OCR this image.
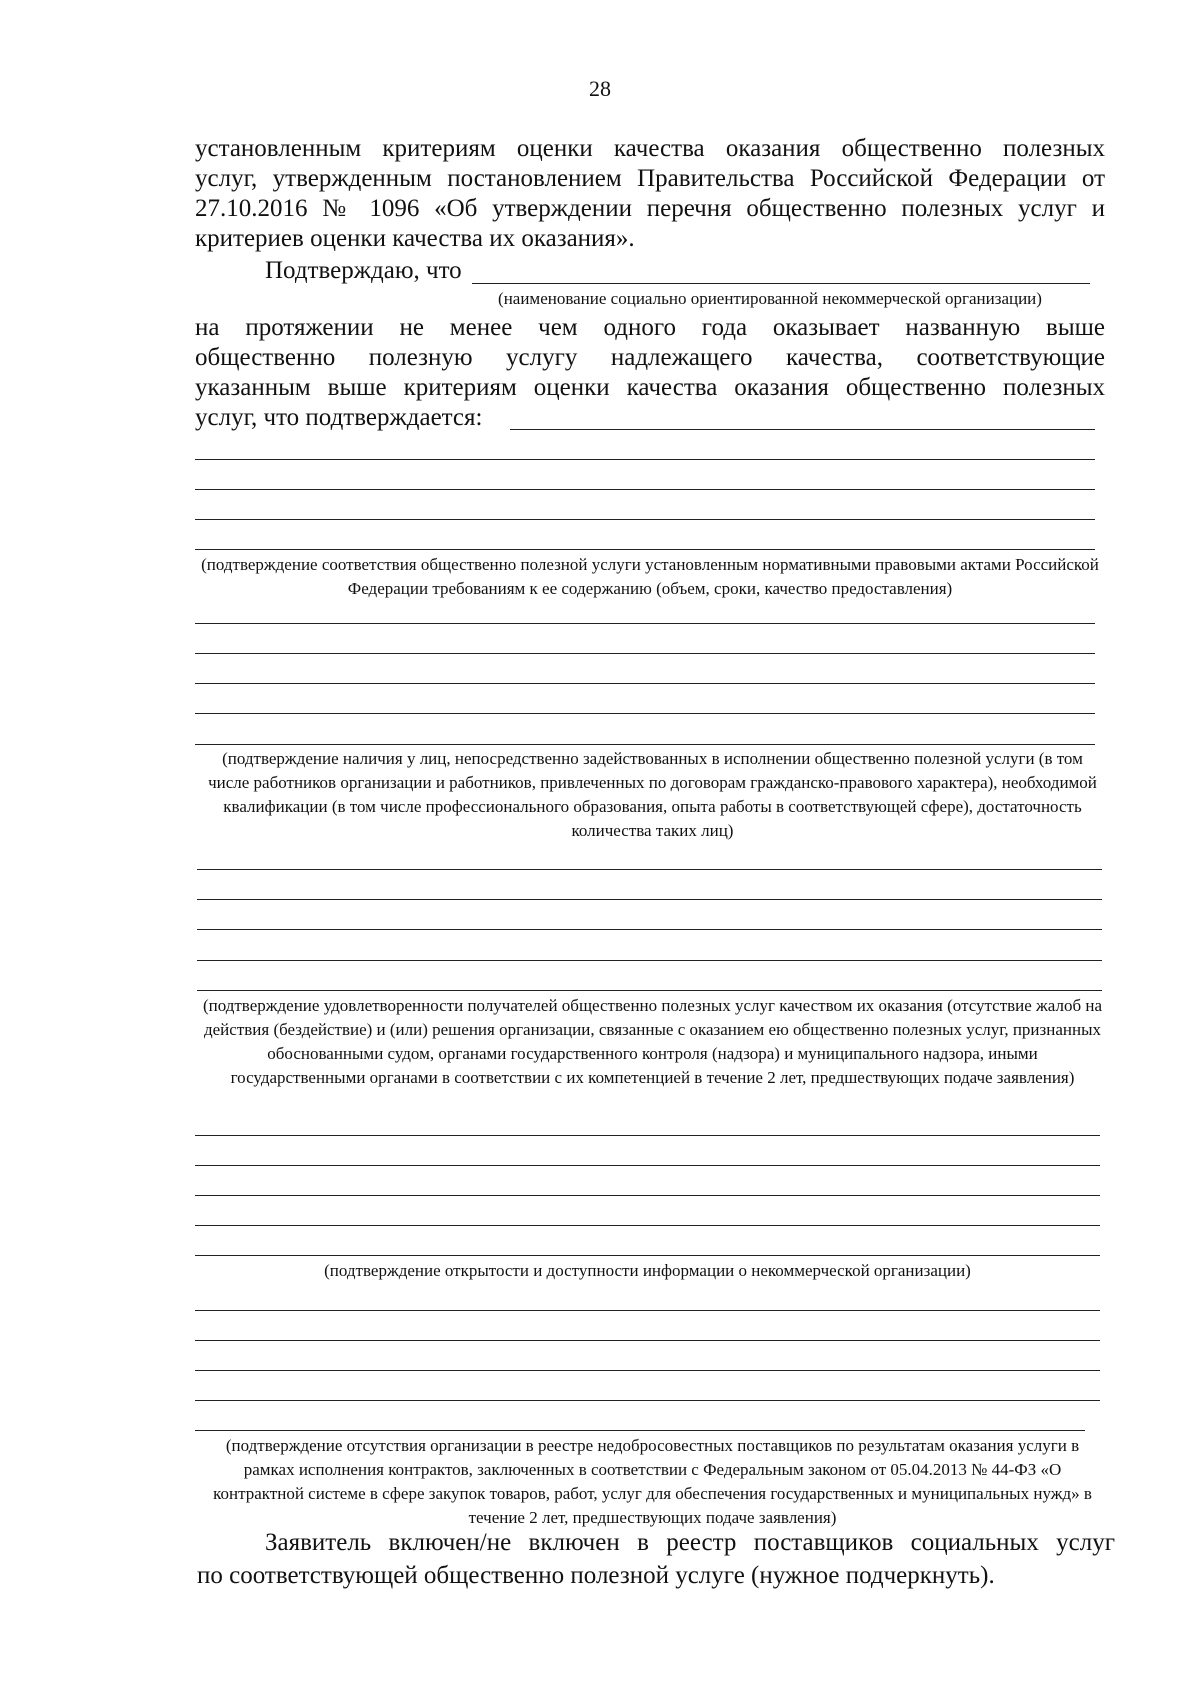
28
установленным критериям оценки качества оказания общественно полезных
услуг, утвержденным постановлением Правительства Российской Федерации от
27.10.2016 № 1096 «Об утверждении перечня общественно полезных услуг и
критериев оценки качества их оказания».
Подтверждаю, что
(наименование социально ориентированной некоммерческой организации)
на протяжении не менее чем одного года оказывает названную выше
общественно полезную услугу надлежащего качества, соответствующие
указанным выше критериям оценки качества оказания общественно полезных
услуг, что подтверждается:
(подтверждение соответствия общественно полезной услуги установленным нормативными правовыми актами Российской Федерации требованиям к ее содержанию (объем, сроки, качество предоставления)
(подтверждение наличия у лиц, непосредственно задействованных в исполнении общественно полезной услуги (в том числе работников организации и работников, привлеченных по договорам гражданско-правового характера), необходимой квалификации (в том числе профессионального образования, опыта работы в соответствующей сфере), достаточность количества таких лиц)
(подтверждение удовлетворенности получателей общественно полезных услуг качеством их оказания (отсутствие жалоб на действия (бездействие) и (или) решения организации, связанные с оказанием ею общественно полезных услуг, признанных обоснованными судом, органами государственного контроля (надзора) и муниципального надзора, иными государственными органами в соответствии с их компетенцией в течение 2 лет, предшествующих подаче заявления)
(подтверждение открытости и доступности информации о некоммерческой организации)
(подтверждение отсутствия организации в реестре недобросовестных поставщиков по результатам оказания услуги в рамках исполнения контрактов, заключенных в соответствии с Федеральным законом от 05.04.2013 № 44-ФЗ «О контрактной системе в сфере закупок товаров, работ, услуг для обеспечения государственных и муниципальных нужд» в течение 2 лет, предшествующих подаче заявления)
Заявитель включен/не включен в реестр поставщиков социальных услуг
по соответствующей общественно полезной услуге (нужное подчеркнуть).
